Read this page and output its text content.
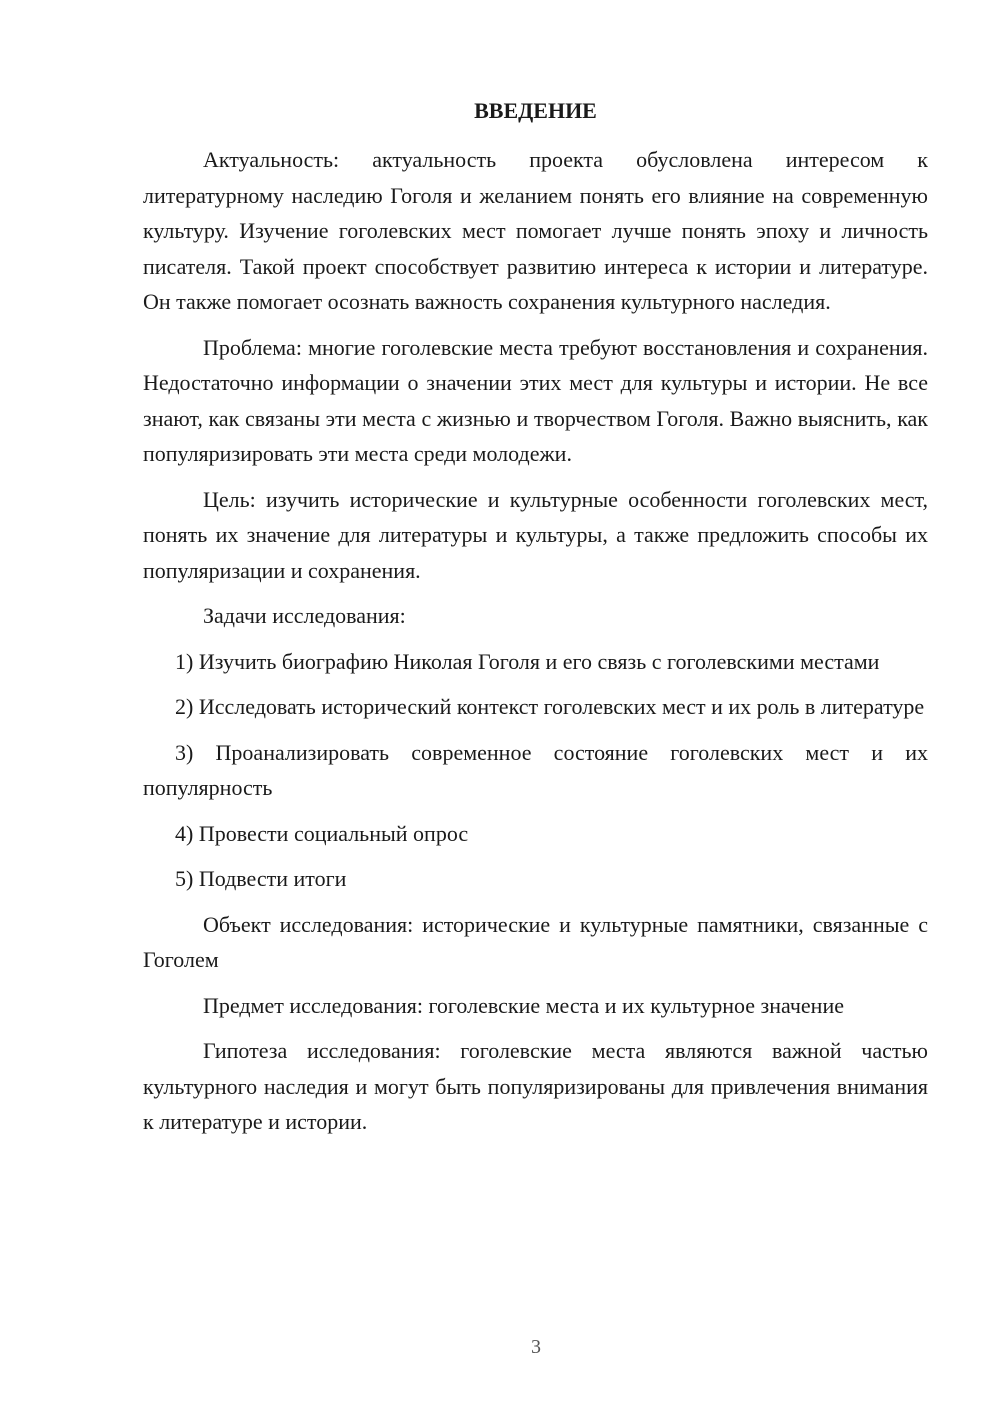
ВВЕДЕНИЕ

Актуальность: актуальность проекта обусловлена интересом к литературному наследию Гоголя и желанием понять его влияние на современную культуру. Изучение гоголевских мест помогает лучше понять эпоху и личность писателя. Такой проект способствует развитию интереса к истории и литературе. Он также помогает осознать важность сохранения культурного наследия.

Проблема: многие гоголевские места требуют восстановления и сохранения. Недостаточно информации о значении этих мест для культуры и истории. Не все знают, как связаны эти места с жизнью и творчеством Гоголя. Важно выяснить, как популяризировать эти места среди молодежи.

Цель: изучить исторические и культурные особенности гоголевских мест, понять их значение для литературы и культуры, а также предложить способы их популяризации и сохранения.

Задачи исследования:

1) Изучить биографию Николая Гоголя и его связь с гоголевскими местами

2) Исследовать исторический контекст гоголевских мест и их роль в литературе

3) Проанализировать современное состояние гоголевских мест и их популярность

4) Провести социальный опрос

5) Подвести итоги

Объект исследования: исторические и культурные памятники, связанные с Гоголем

Предмет исследования: гоголевские места и их культурное значение

Гипотеза исследования: гоголевские места являются важной частью культурного наследия и могут быть популяризированы для привлечения внимания к литературе и истории.

3
